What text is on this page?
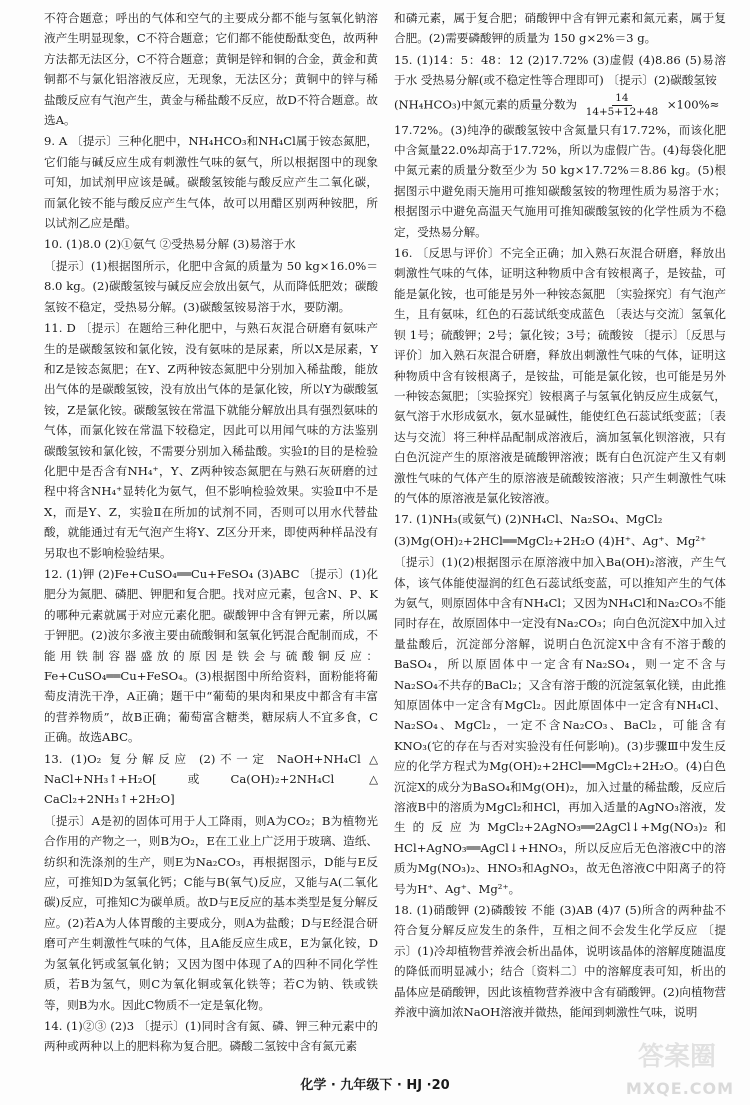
不符合题意；呼出的气体和空气的主要成分都不能与氢氧化钠溶液产生明显现象，C不符合题意；它们都不能使酚酞变色，故两种方法都无法区分，C不符合题意；黄铜是锌和铜的合金，黄金和黄铜都不与氯化铝溶液反应，无现象，无法区分；黄铜中的锌与稀盐酸反应有气泡产生，黄金与稀盐酸不反应，故D不符合题意。故选A。

9. A 〔提示〕三种化肥中，NH₄HCO₃和NH₄Cl属于铵态氮肥，它们能与碱反应生成有刺激性气味的氨气，所以根据图中的现象可知，加试剂甲应该是碱。碳酸氢铵能与酸反应产生二氧化碳，而氯化铵不能与酸反应产生气体，故可以用醋区别两种铵肥，所以试剂乙应是醋。

10. (1)8.0 (2)①氨气 ②受热易分解 (3)易溶于水

〔提示〕(1)根据图所示，化肥中含氮的质量为 50 kg×16.0%＝8.0 kg。(2)碳酸氢铵与碱反应会放出氨气，从而降低肥效；碳酸氢铵不稳定，受热易分解。(3)碳酸氢铵易溶于水，要防潮。

11. D 〔提示〕在题给三种化肥中，与熟石灰混合研磨有氨味产生的是碳酸氢铵和氯化铵，没有氨味的是尿素，所以X是尿素，Y和Z是铵态氮肥；在Y、Z两种铵态氮肥中分别加入稀盐酸，能放出气体的是碳酸氢铵，没有放出气体的是氯化铵，所以Y为碳酸氢铵，Z是氯化铵。碳酸氢铵在常温下就能分解放出具有强烈氨味的气体，而氯化铵在常温下较稳定，因此可以用闻气味的方法鉴别碳酸氢铵和氯化铵，不需要分别加入稀盐酸。实验Ⅰ的目的是检验化肥中是否含有NH₄⁺，Y、Z两种铵态氮肥在与熟石灰研磨的过程中将含NH₄⁺显转化为氨气，但不影响检验效果。实验Ⅱ中不是X，而是Y、Z，实验Ⅱ在所加的试剂不同，否则可以用水代替盐酸，就能通过有无气泡产生将Y、Z区分开来，即使两种样品没有另取也不影响检验结果。

12. (1)钾 (2)Fe+CuSO₄══Cu+FeSO₄ (3)ABC 〔提示〕(1)化肥分为氮肥、磷肥、钾肥和复合肥。找对应元素，包含N、P、K的哪种元素就属于对应元素化肥。碳酸钾中含有钾元素，所以属于钾肥。(2)波尔多液主要由硫酸铜和氢氧化钙混合配制而成，不能用铁制容器盛放的原因是铁会与硫酸铜反应：Fe+CuSO₄══Cu+FeSO₄。(3)根据图中所给资料，面粉能将葡萄皮清洗干净，A正确；题干中“葡萄的果肉和果皮中都含有丰富的营养物质”，故B正确；葡萄富含糖类，糖尿病人不宜多食，C正确。故选ABC。

13. (1)O₂ 复分解反应 (2)不一定 NaOH+NH₄Cl △ NaCl+NH₃↑+H₂O[或Ca(OH)₂+2NH₄Cl △ CaCl₂+2NH₃↑+2H₂O]

〔提示〕A是初的固体可用于人工降雨，则A为CO₂；B为植物光合作用的产物之一，则B为O₂，E在工业上广泛用于玻璃、造纸、纺织和洗涤剂的生产，则E为Na₂CO₃，再根据图示，D能与E反应，可推知D为氢氧化钙；C能与B(氧气)反应，又能与A(二氧化碳)反应，可推知C为碳单质。故D与E反应的基本类型是复分解反应。(2)若A为人体胃酸的主要成分，则A为盐酸；D与E经混合研磨可产生刺激性气味的气体，且A能反应生成E，E为氯化铵，D为氢氧化钙或氢氧化钠；又因为图中体现了A的四种不同化学性质，若B为氢气，则C为氧化铜或氧化铁等；若C为钠、铁或铁等，则B为水。因此C物质不一定是氧化物。

14. (1)②③ (2)3 〔提示〕(1)同时含有氮、磷、钾三种元素中的两种或两种以上的肥料称为复合肥。磷酸二氢铵中含有氮元素

和磷元素，属于复合肥；硝酸钾中含有钾元素和氮元素，属于复合肥。(2)需要磷酸钾的质量为 150 g×2%＝3 g。

15. (1)14：5：48：12 (2)17.72% (3)虚假 (4)8.86 (5)易溶于水 受热易分解(或不稳定性等合理即可) 〔提示〕(2)碳酸氢铵

(NH₄HCO₃)中氮元素的质量分数为 $\frac{14}{14+5+12+48} \times 100\%\approx$

17.72%。(3)纯净的碳酸氢铵中含氮量只有17.72%，而该化肥中含氮量22.0%却高于17.72%，所以为虚假广告。(4)每袋化肥中氮元素的质量分数至少为 50 kg×17.72%＝8.86 kg。(5)根据图示中避免雨天施用可推知碳酸氢铵的物理性质为易溶于水；根据图示中避免高温天气施用可推知碳酸氢铵的化学性质为不稳定，受热易分解。

16. 〔反思与评价〕不完全正确；加入熟石灰混合研磨，释放出刺激性气味的气体，证明这种物质中含有铵根离子，是铵盐，可能是氯化铵，也可能是另外一种铵态氮肥 〔实验探究〕有气泡产生，且有氨味，红色的石蕊试纸变成蓝色 〔表达与交流〕氢氧化钡 1号；硫酸钾；2号；氯化铵；3号；硫酸铵 〔提示〕〔反思与评价〕加入熟石灰混合研磨，释放出刺激性气味的气体，证明这种物质中含有铵根离子，是铵盐，可能是氯化铵，也可能是另外一种铵态氮肥；〔实验探究〕铵根离子与氢氧化钠反应生成氨气，氨气溶于水形成氨水，氨水显碱性，能使红色石蕊试纸变蓝；〔表达与交流〕将三种样品配制成溶液后，滴加氢氧化钡溶液，只有白色沉淀产生的原溶液是硫酸钾溶液；既有白色沉淀产生又有刺激性气味的气体产生的原溶液是硫酸铵溶液；只产生刺激性气味的气体的原溶液是氯化铵溶液。

17. (1)NH₃(或氨气) (2)NH₄Cl、Na₂SO₄、MgCl₂

(3)Mg(OH)₂+2HCl══MgCl₂+2H₂O (4)H⁺、Ag⁺、Mg²⁺

〔提示〕(1)(2)根据图示在原溶液中加入Ba(OH)₂溶液，产生气体，该气体能使湿润的红色石蕊试纸变蓝，可以推知产生的气体为氨气，则原固体中含有NH₄Cl；又因为NH₄Cl和Na₂CO₃不能同时存在，故原固体中一定没有Na₂CO₃；向白色沉淀X中加入过量盐酸后，沉淀部分溶解，说明白色沉淀X中含有不溶于酸的BaSO₄，所以原固体中一定含有Na₂SO₄，则一定不含与Na₂SO₄不共存的BaCl₂；又含有溶于酸的沉淀氢氧化镁，由此推知原固体中一定含有MgCl₂。因此原固体中一定含有NH₄Cl、Na₂SO₄、MgCl₂，一定不含Na₂CO₃、BaCl₂，可能含有KNO₃(它的存在与否对实验没有任何影响)。(3)步骤Ⅲ中发生反应的化学方程式为Mg(OH)₂+2HCl══MgCl₂+2H₂O。(4)白色沉淀X的成分为BaSO₄和Mg(OH)₂，加入过量的稀盐酸，反应后溶液B中的溶质为MgCl₂和HCl，再加入适量的AgNO₃溶液，发生的反应为MgCl₂+2AgNO₃══2AgCl↓+Mg(NO₃)₂和HCl+AgNO₃══AgCl↓+HNO₃，所以反应后无色溶液C中的溶质为Mg(NO₃)₂、HNO₃和AgNO₃，故无色溶液C中阳离子的符号为H⁺、Ag⁺、Mg²⁺。

18. (1)硝酸钾 (2)磷酸铵 不能 (3)AB (4)7 (5)所含的两种盐不符合复分解反应发生的条件，互相之间不会发生化学反应 〔提示〕(1)冷却植物营养液会析出晶体，说明该晶体的溶解度随温度的降低而明显减小；结合〔资料二〕中的溶解度表可知，析出的晶体应是硝酸钾，因此该植物营养液中含有硝酸钾。(2)向植物营养液中滴加浓NaOH溶液并微热，能闻到刺激性气味，说明

化学 · 九年级下 · HJ ·20
答案圈
MXQE.COM
